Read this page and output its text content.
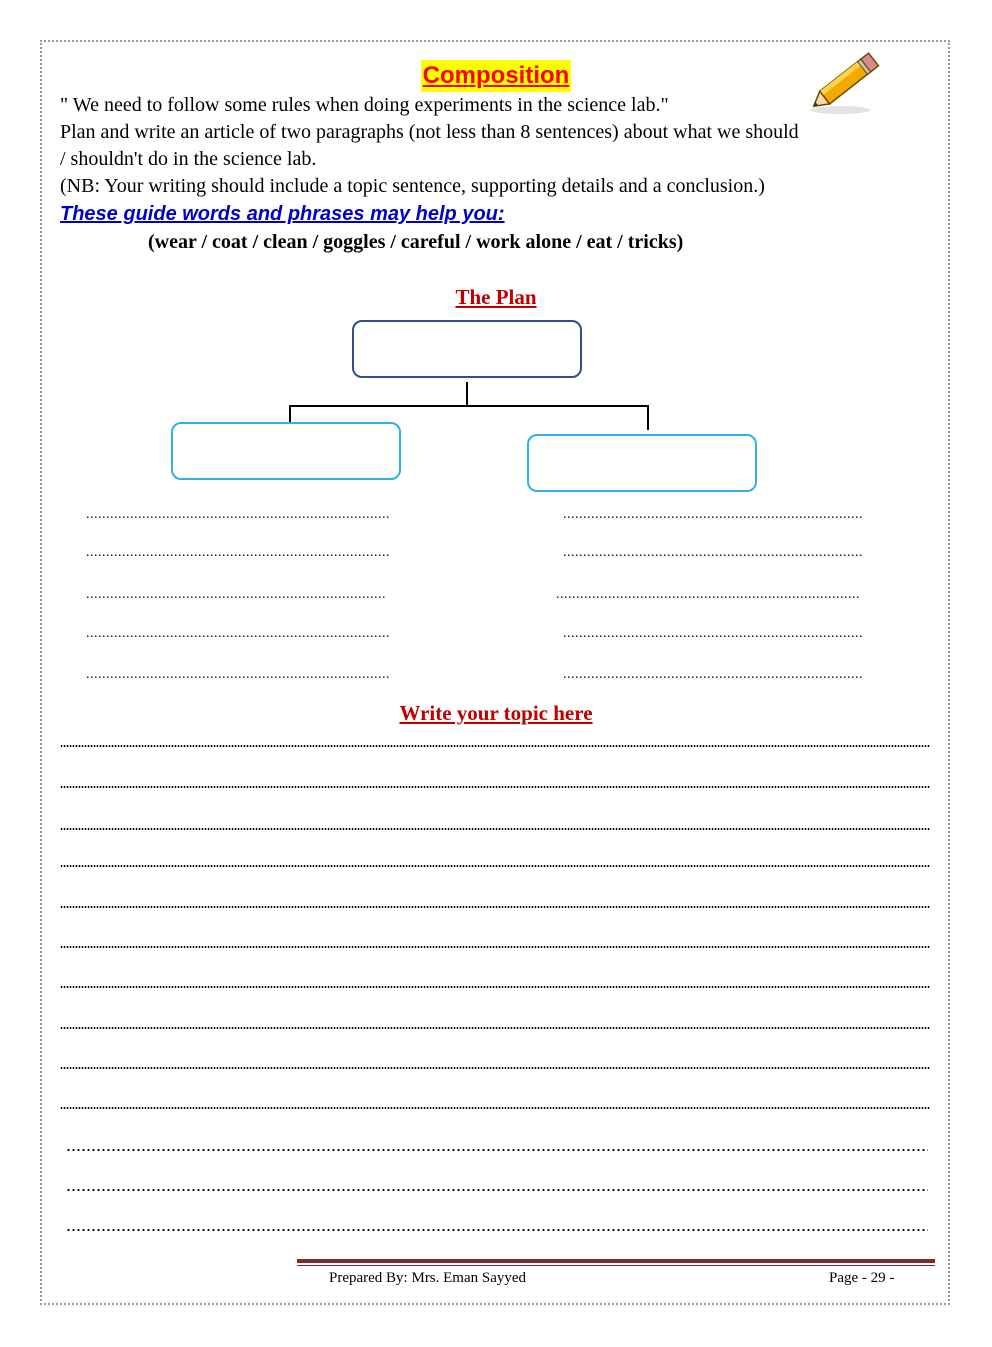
Composition
" We need to follow some rules when doing experiments in the science lab."
Plan and write an article of two paragraphs (not less than 8 sentences) about what we should
/ shouldn't do in the science lab.
(NB: Your writing should include a topic sentence, supporting details and a conclusion.)
These guide words and phrases may help you:
(wear / coat / clean / goggles / careful / work alone / eat / tricks)
The Plan
............................................................................
............................................................................
...........................................................................
............................................................................
............................................................................
...........................................................................
...........................................................................
............................................................................
...........................................................................
...........................................................................
Write your topic here
Prepared By: Mrs. Eman Sayyed	Page - 29 -
